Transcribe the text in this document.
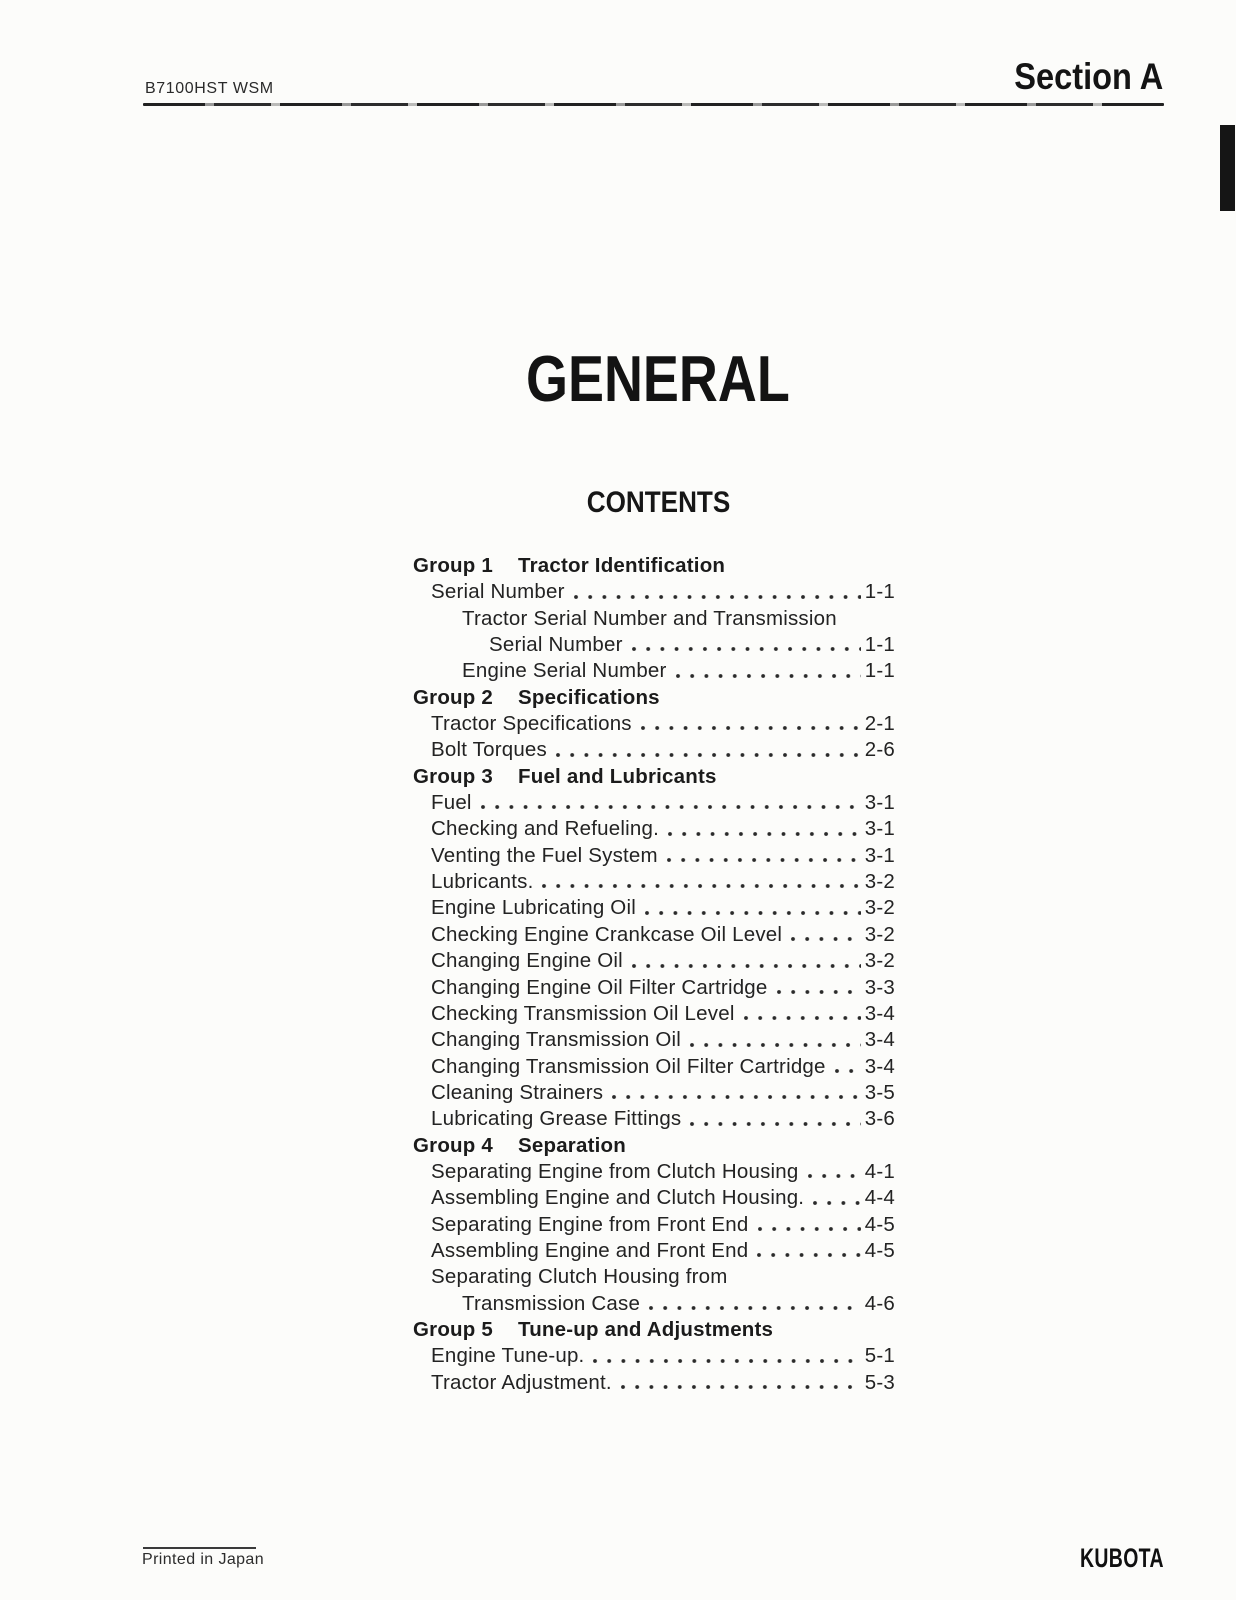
B7100HST WSM	Section A
GENERAL
CONTENTS
Group 1 Tractor Identification
Serial Number	1-1
Tractor Serial Number and Transmission
Serial Number	1-1
Engine Serial Number	1-1
Group 2 Specifications
Tractor Specifications	2-1
Bolt Torques	2-6
Group 3 Fuel and Lubricants
Fuel	3-1
Checking and Refueling.	3-1
Venting the Fuel System	3-1
Lubricants.	3-2
Engine Lubricating Oil	3-2
Checking Engine Crankcase Oil Level	3-2
Changing Engine Oil	3-2
Changing Engine Oil Filter Cartridge	3-3
Checking Transmission Oil Level	3-4
Changing Transmission Oil	3-4
Changing Transmission Oil Filter Cartridge 3-4
Cleaning Strainers	3-5
Lubricating Grease Fittings	3-6
Group 4 Separation
Separating Engine from Clutch Housing	4-1
Assembling Engine and Clutch Housing.	4-4
Separating Engine from Front End	4-5
Assembling Engine and Front End	4-5
Separating Clutch Housing from
Transmission Case	4-6
Group 5 Tune-up and Adjustments
Engine Tune-up.	5-1
Tractor Adjustment.	5-3
Printed in Japan	KUBOTA
